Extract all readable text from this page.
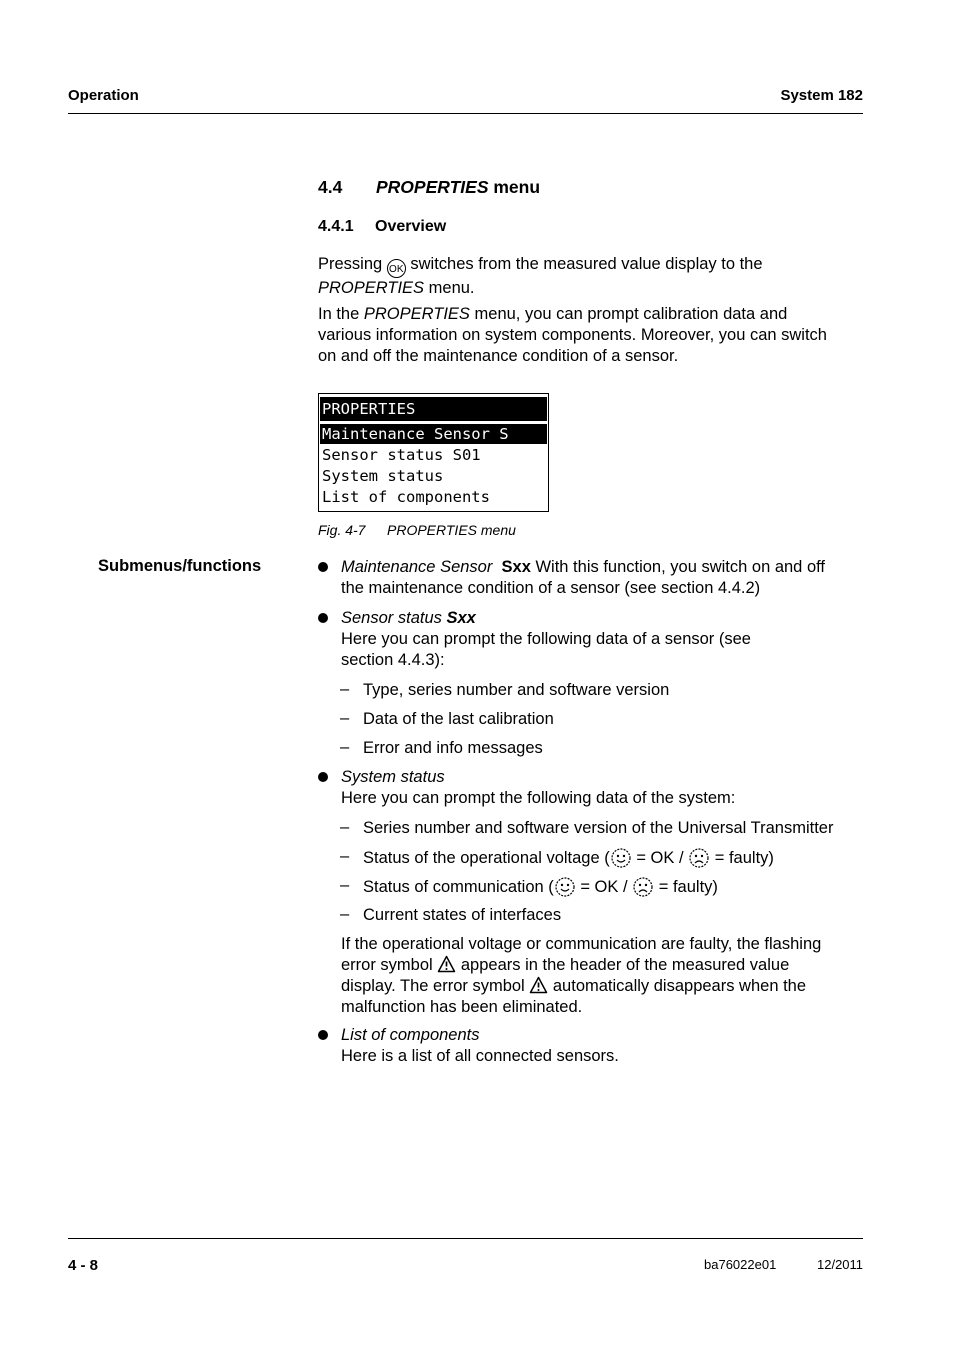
Operation	System 182
4.4 PROPERTIES menu
4.4.1 Overview
Pressing OK switches from the measured value display to the
PROPERTIES menu.
In the PROPERTIES menu, you can prompt calibration data and
various information on system components. Moreover, you can switch
on and off the maintenance condition of a sensor.
PROPERTIES
Maintenance Sensor S
Sensor status S01
System status
List of components
Fig. 4-7 PROPERTIES menu
Submenus/functions	Maintenance Sensor Sxx With this function, you switch on and off
the maintenance condition of a sensor (see section 4.4.2)
Sensor status Sxx
Here you can prompt the following data of a sensor (see
section 4.4.3):
– Type, series number and software version
– Data of the last calibration
– Error and info messages
System status
Here you can prompt the following data of the system:
– Series number and software version of the Universal Transmitter
– Status of the operational voltage ( = OK /  = faulty)
– Status of communication ( = OK /  = faulty)
– Current states of interfaces
If the operational voltage or communication are faulty, the flashing
error symbol  appears in the header of the measured value
display. The error symbol  automatically disappears when the
malfunction has been eliminated.
List of components
Here is a list of all connected sensors.
4 - 8	ba76022e01	12/2011
